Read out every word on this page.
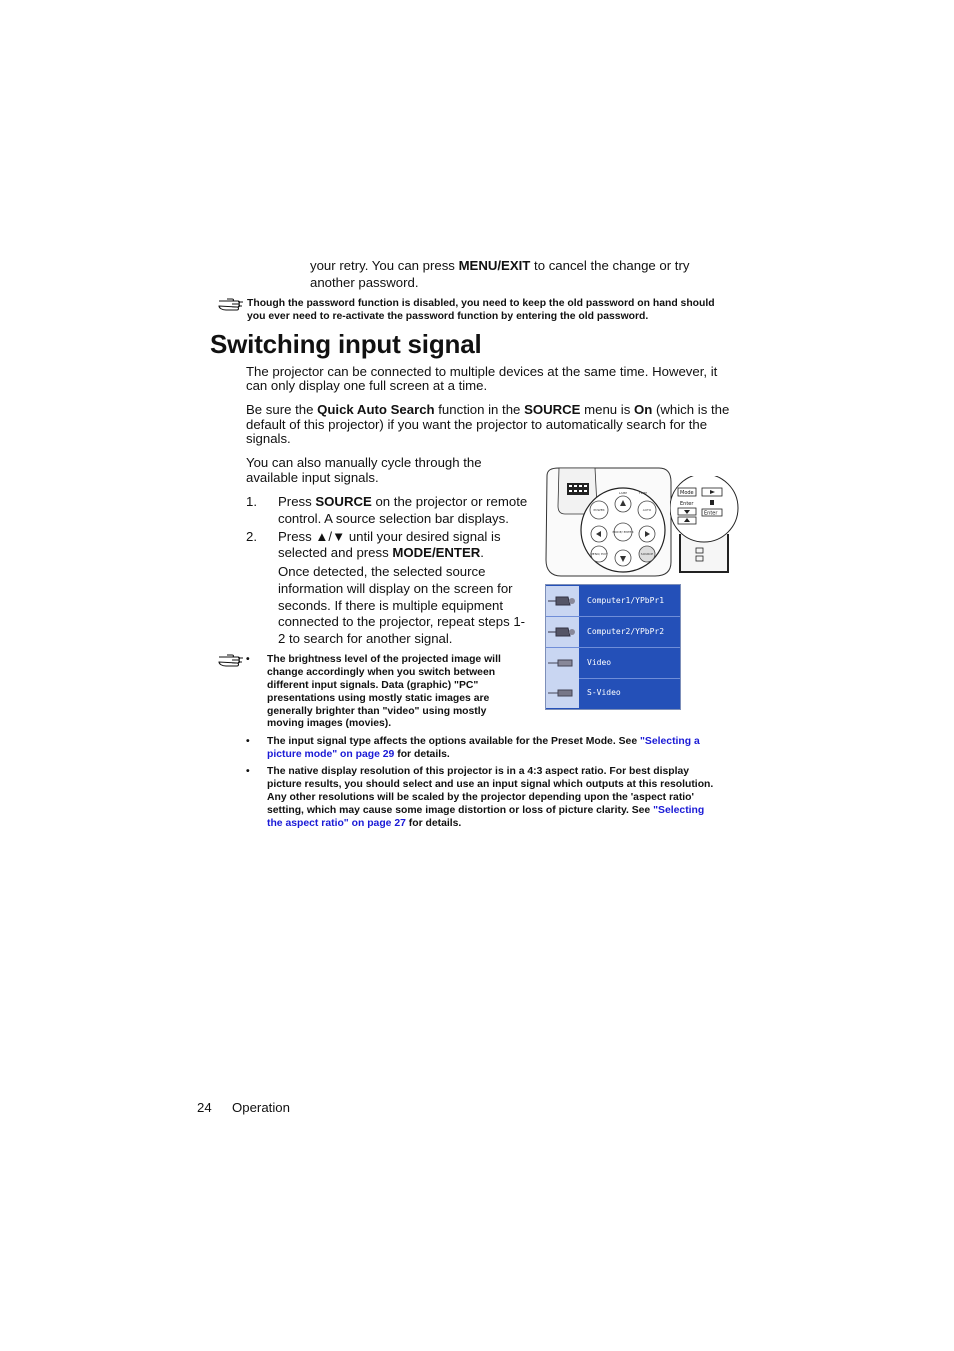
your retry. You can press MENU/EXIT to cancel the change or try
another password.
Though the password function is disabled, you need to keep the old password on hand should
you ever need to re-activate the password function by entering the old password.
Switching input signal
The projector can be connected to multiple devices at the same time. However, it
can only display one full screen at a time.
Be sure the Quick Auto Search function in the SOURCE menu is On (which is the
default of this projector) if you want the projector to automatically search for the
signals.
You can also manually cycle through the
available input signals.
1. Press SOURCE on the projector or remote
control. A source selection bar displays.
2. Press ▲/▼ until your desired signal is
selected and press MODE/ENTER.
Once detected, the selected source
information will display on the screen for
seconds. If there is multiple equipment
connected to the projector, repeat steps 1-
2 to search for another signal.
POWER	AUTO
MODE/ ENTER
MENU/ EXIT	SOURCE
LAMP	TEMP	Mode
Enter
Enter
Computer1/YPbPr1
Computer2/YPbPr2
Video
S-Video
• The brightness level of the projected image will
change accordingly when you switch between
different input signals. Data (graphic) "PC"
presentations using mostly static images are
generally brighter than "video" using mostly
moving images (movies).
• The input signal type affects the options available for the Preset Mode. See "Selecting a
picture mode" on page 29 for details.
• The native display resolution of this projector is in a 4:3 aspect ratio. For best display
picture results, you should select and use an input signal which outputs at this resolution.
Any other resolutions will be scaled by the projector depending upon the 'aspect ratio'
setting, which may cause some image distortion or loss of picture clarity. See "Selecting
the aspect ratio" on page 27 for details.
24 Operation
